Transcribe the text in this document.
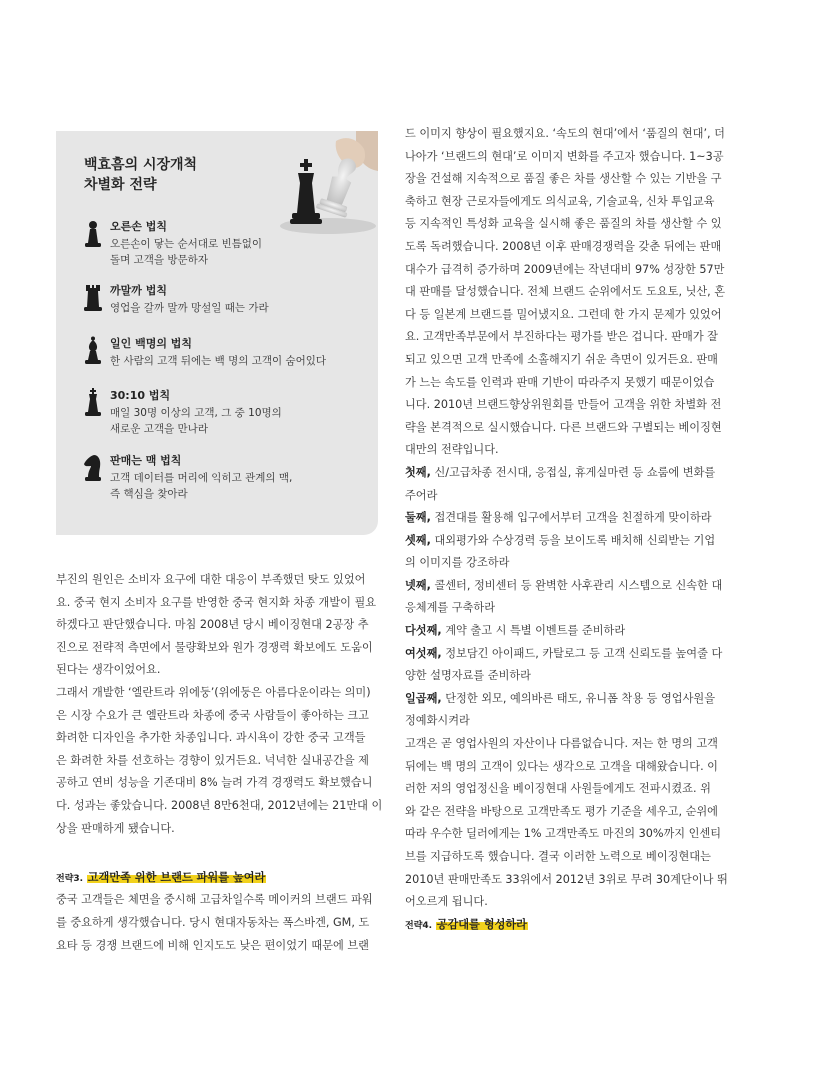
백효흠의 시장개척
차별화 전략
오른손 법칙
오른손이 닿는 순서대로 빈틈없이
돌며 고객을 방문하자
까말까 법칙
영업을 갈까 말까 망설일 때는 가라
일인 백명의 법칙
한 사람의 고객 뒤에는 백 명의 고객이 숨어있다
30:10 법칙
매일 30명 이상의 고객, 그 중 10명의
새로운 고객을 만나라
판매는 맥 법칙
고객 데이터를 머리에 익히고 관계의 맥,
즉 핵심을 찾아라
부진의 원인은 소비자 요구에 대한 대응이 부족했던 탓도 있었어
요. 중국 현지 소비자 요구를 반영한 중국 현지화 차종 개발이 필요
하겠다고 판단했습니다. 마침 2008년 당시 베이징현대 2공장 추
진으로 전략적 측면에서 물량확보와 원가 경쟁력 확보에도 도움이
된다는 생각이었어요.
그래서 개발한 ‘엘란트라 위에둥’(위에둥은 아름다운이라는 의미)
은 시장 수요가 큰 엘란트라 차종에 중국 사람들이 좋아하는 크고
화려한 디자인을 추가한 차종입니다. 과시욕이 강한 중국 고객들
은 화려한 차를 선호하는 경향이 있거든요. 넉넉한 실내공간을 제
공하고 연비 성능을 기존대비 8% 늘려 가격 경쟁력도 확보했습니
다. 성과는 좋았습니다. 2008년 8만6천대, 2012년에는 21만대 이
상을 판매하게 됐습니다.
전략3. 고객만족 위한 브랜드 파워를 높여라
중국 고객들은 체면을 중시해 고급차일수록 메이커의 브랜드 파워
를 중요하게 생각했습니다. 당시 현대자동차는 폭스바겐, GM, 도
요타 등 경쟁 브랜드에 비해 인지도도 낮은 편이었기 때문에 브랜
드 이미지 향상이 필요했지요. ‘속도의 현대’에서 ‘품질의 현대’, 더
나아가 ‘브랜드의 현대’로 이미지 변화를 주고자 했습니다. 1~3공
장을 건설해 지속적으로 품질 좋은 차를 생산할 수 있는 기반을 구
축하고 현장 근로자들에게도 의식교육, 기술교육, 신차 투입교육
등 지속적인 특성화 교육을 실시해 좋은 품질의 차를 생산할 수 있
도록 독려했습니다. 2008년 이후 판매경쟁력을 갖춘 뒤에는 판매
대수가 급격히 증가하며 2009년에는 작년대비 97% 성장한 57만
대 판매를 달성했습니다. 전체 브랜드 순위에서도 도요토, 닛산, 혼
다 등 일본계 브랜드를 밀어냈지요. 그런데 한 가지 문제가 있었어
요. 고객만족부문에서 부진하다는 평가를 받은 겁니다. 판매가 잘
되고 있으면 고객 만족에 소홀해지기 쉬운 측면이 있거든요. 판매
가 느는 속도를 인력과 판매 기반이 따라주지 못했기 때문이었습
니다. 2010년 브랜드향상위원회를 만들어 고객을 위한 차별화 전
략을 본격적으로 실시했습니다. 다른 브랜드와 구별되는 베이징현
대만의 전략입니다.
첫째, 신/고급차종 전시대, 응접실, 휴게실마련 등 쇼룸에 변화를
주어라
둘째, 접견대를 활용해 입구에서부터 고객을 친절하게 맞이하라
셋째, 대외평가와 수상경력 등을 보이도록 배치해 신뢰받는 기업
의 이미지를 강조하라
넷째, 콜센터, 정비센터 등 완벽한 사후관리 시스템으로 신속한 대
응체계를 구축하라
다섯째, 계약 출고 시 특별 이벤트를 준비하라
여섯째, 정보담긴 아이패드, 카탈로그 등 고객 신뢰도를 높여줄 다
양한 설명자료를 준비하라
일곱째, 단정한 외모, 예의바른 태도, 유니폼 착용 등 영업사원을
정예화시켜라
고객은 곧 영업사원의 자산이나 다름없습니다. 저는 한 명의 고객
뒤에는 백 명의 고객이 있다는 생각으로 고객을 대해왔습니다. 이
러한 저의 영업정신을 베이징현대 사원들에게도 전파시켰죠. 위
와 같은 전략을 바탕으로 고객만족도 평가 기준을 세우고, 순위에
따라 우수한 딜러에게는 1% 고객만족도 마진의 30%까지 인센티
브를 지급하도록 했습니다. 결국 이러한 노력으로 베이징현대는
2010년 판매만족도 33위에서 2012년 3위로 무려 30계단이나 뛰
어오르게 됩니다.
전략4. 공감대를 형성하라
